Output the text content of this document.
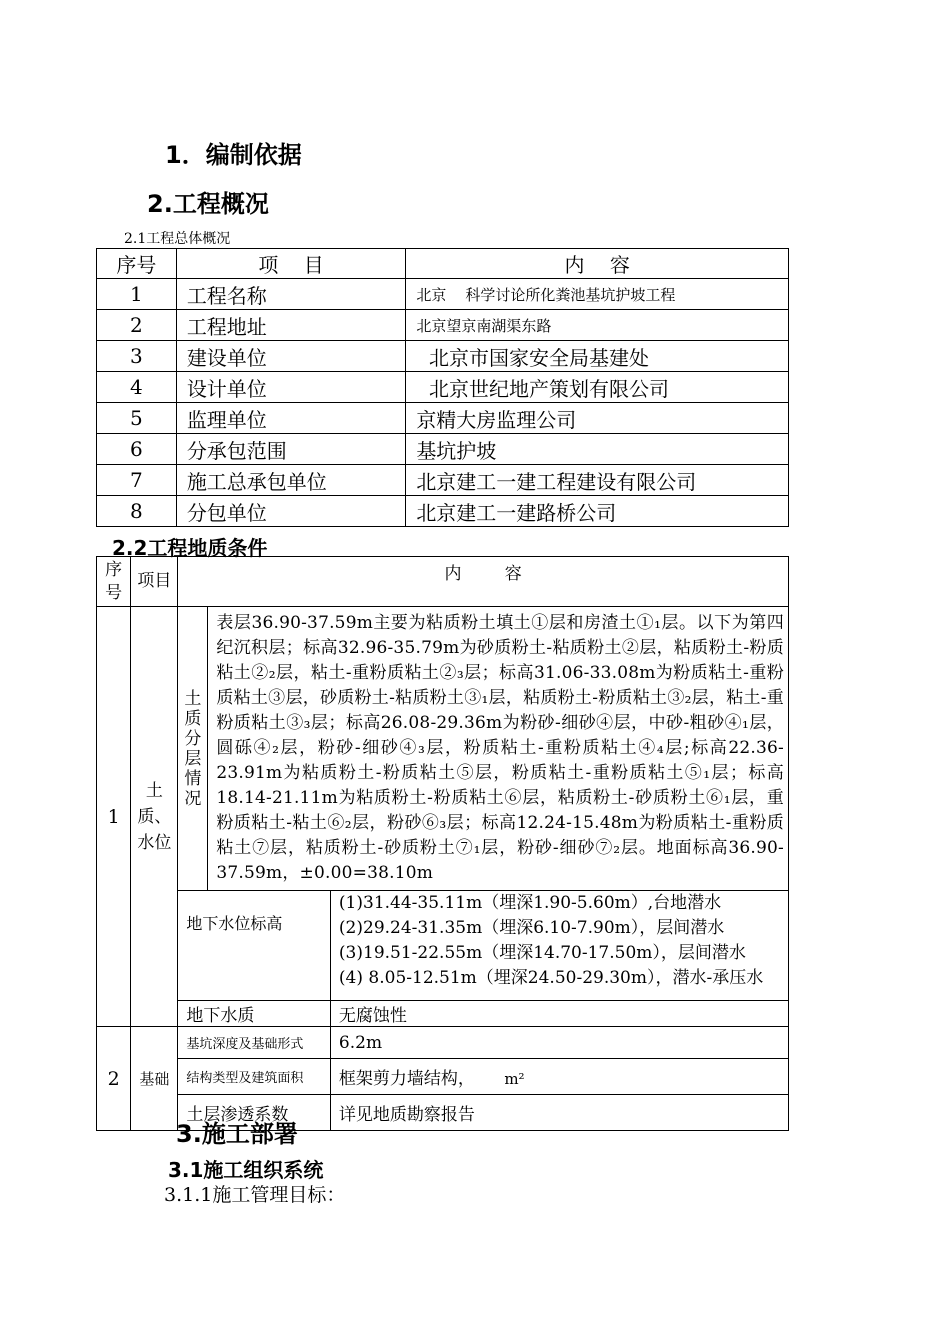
1．编制依据
2.工程概况
2.1工程总体概况
序号	项    目	内    容
1	工程名称	北京    科学讨论所化粪池基坑护坡工程
2	工程地址	北京望京南湖渠东路
3	建设单位	北京市国家安全局基建处
4	设计单位	北京世纪地产策划有限公司
5	监理单位	京精大房监理公司
6	分承包范围	基坑护坡
7	施工总承包单位	北京建工一建工程建设有限公司
8	分包单位	北京建工一建路桥公司
2.2工程地质条件
序号	项目	内        容		
1	土质、水位	土质分层情况	表层36.90-37.59m主要为粘质粉土填土①层和房渣土①₁层。以下为第四纪沉积层；标高32.96-35.79m为砂质粉土-粘质粉土②层，粘质粉土-粉质粘土②₂层，粘土-重粉质粘土②₃层；标高31.06-33.08m为粉质粘土-重粉质粘土③层，砂质粉土-粘质粉土③₁层，粘质粉土-粉质粘土③₂层，粘土-重粉质粘土③₃层；标高26.08-29.36m为粉砂-细砂④层，中砂-粗砂④₁层，圆砾④₂层，粉砂-细砂④₃层，粉质粘土-重粉质粘土④₄层;标高22.36-23.91m为粘质粉土-粉质粘土⑤层，粉质粘土-重粉质粘土⑤₁层；标高18.14-21.11m为粘质粉土-粉质粘土⑥层，粘质粉土-砂质粉土⑥₁层，重粉质粘土-粘土⑥₂层，粉砂⑥₃层；标高12.24-15.48m为粉质粘土-重粉质粘土⑦层，粘质粉土-砂质粉土⑦₁层，粉砂-细砂⑦₂层。地面标高36.90-37.59m，±0.00=38.10m	
		地下水位标高		(1)31.44-35.11m（埋深1.90-5.60m）,台地潜水
(2)29.24-31.35m（埋深6.10-7.90m），层间潜水
(3)19.51-22.55m（埋深14.70-17.50m），层间潜水
(4) 8.05-12.51m（埋深24.50-29.30m），潜水-承压水

		地下水质		无腐蚀性
2	基础	基坑深度及基础形式		6.2m
		结构类型及建筑面积		框架剪力墙结构， m²
		土层渗透系数		详见地质勘察报告
3.施工部署
3.1施工组织系统
3.1.1施工管理目标：
